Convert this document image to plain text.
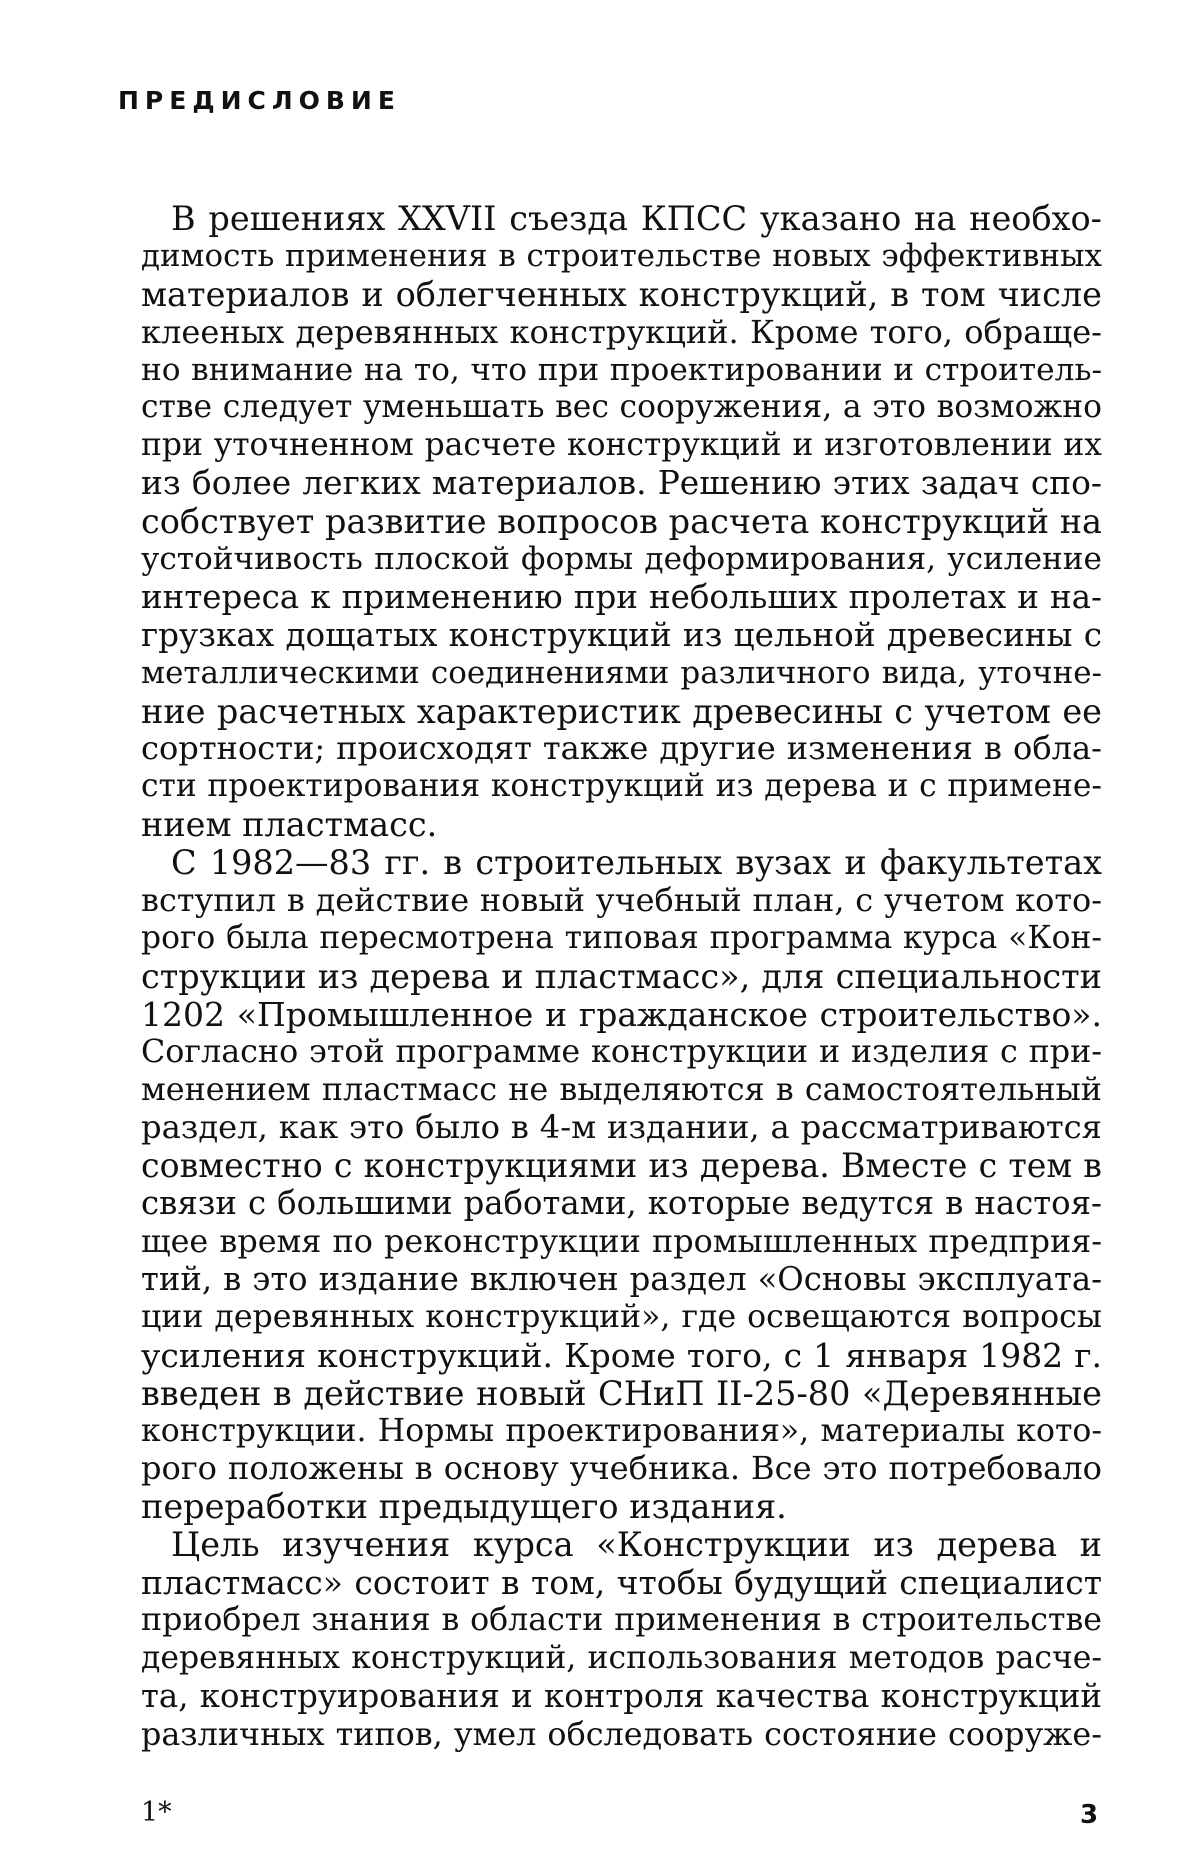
ПРЕДИСЛОВИЕ
В решениях XXVII съезда КПСС указано на необхо-
димость применения в строительстве новых эффективных
материалов и облегченных конструкций, в том числе
клееных деревянных конструкций. Кроме того, обраще-
но внимание на то, что при проектировании и строитель-
стве следует уменьшать вес сооружения, а это возможно
при уточненном расчете конструкций и изготовлении их
из более легких материалов. Решению этих задач спо-
собствует развитие вопросов расчета конструкций на
устойчивость плоской формы деформирования, усиление
интереса к применению при небольших пролетах и на-
грузках дощатых конструкций из цельной древесины с
металлическими соединениями различного вида, уточне-
ние расчетных характеристик древесины с учетом ее
сортности; происходят также другие изменения в обла-
сти проектирования конструкций из дерева и с примене-
нием пластмасс.
С 1982—83 гг. в строительных вузах и факультетах
вступил в действие новый учебный план, с учетом кото-
рого была пересмотрена типовая программа курса «Кон-
струкции из дерева и пластмасс», для специальности
1202 «Промышленное и гражданское строительство».
Согласно этой программе конструкции и изделия с при-
менением пластмасс не выделяются в самостоятельный
раздел, как это было в 4-м издании, а рассматриваются
совместно с конструкциями из дерева. Вместе с тем в
связи с большими работами, которые ведутся в настоя-
щее время по реконструкции промышленных предприя-
тий, в это издание включен раздел «Основы эксплуата-
ции деревянных конструкций», где освещаются вопросы
усиления конструкций. Кроме того, с 1 января 1982 г.
введен в действие новый СНиП II-25-80 «Деревянные
конструкции. Нормы проектирования», материалы кото-
рого положены в основу учебника. Все это потребовало
переработки предыдущего издания.
Цель изучения курса «Конструкции из дерева и
пластмасс» состоит в том, чтобы будущий специалист
приобрел знания в области применения в строительстве
деревянных конструкций, использования методов расче-
та, конструирования и контроля качества конструкций
различных типов, умел обследовать состояние сооруже-
1*	3
